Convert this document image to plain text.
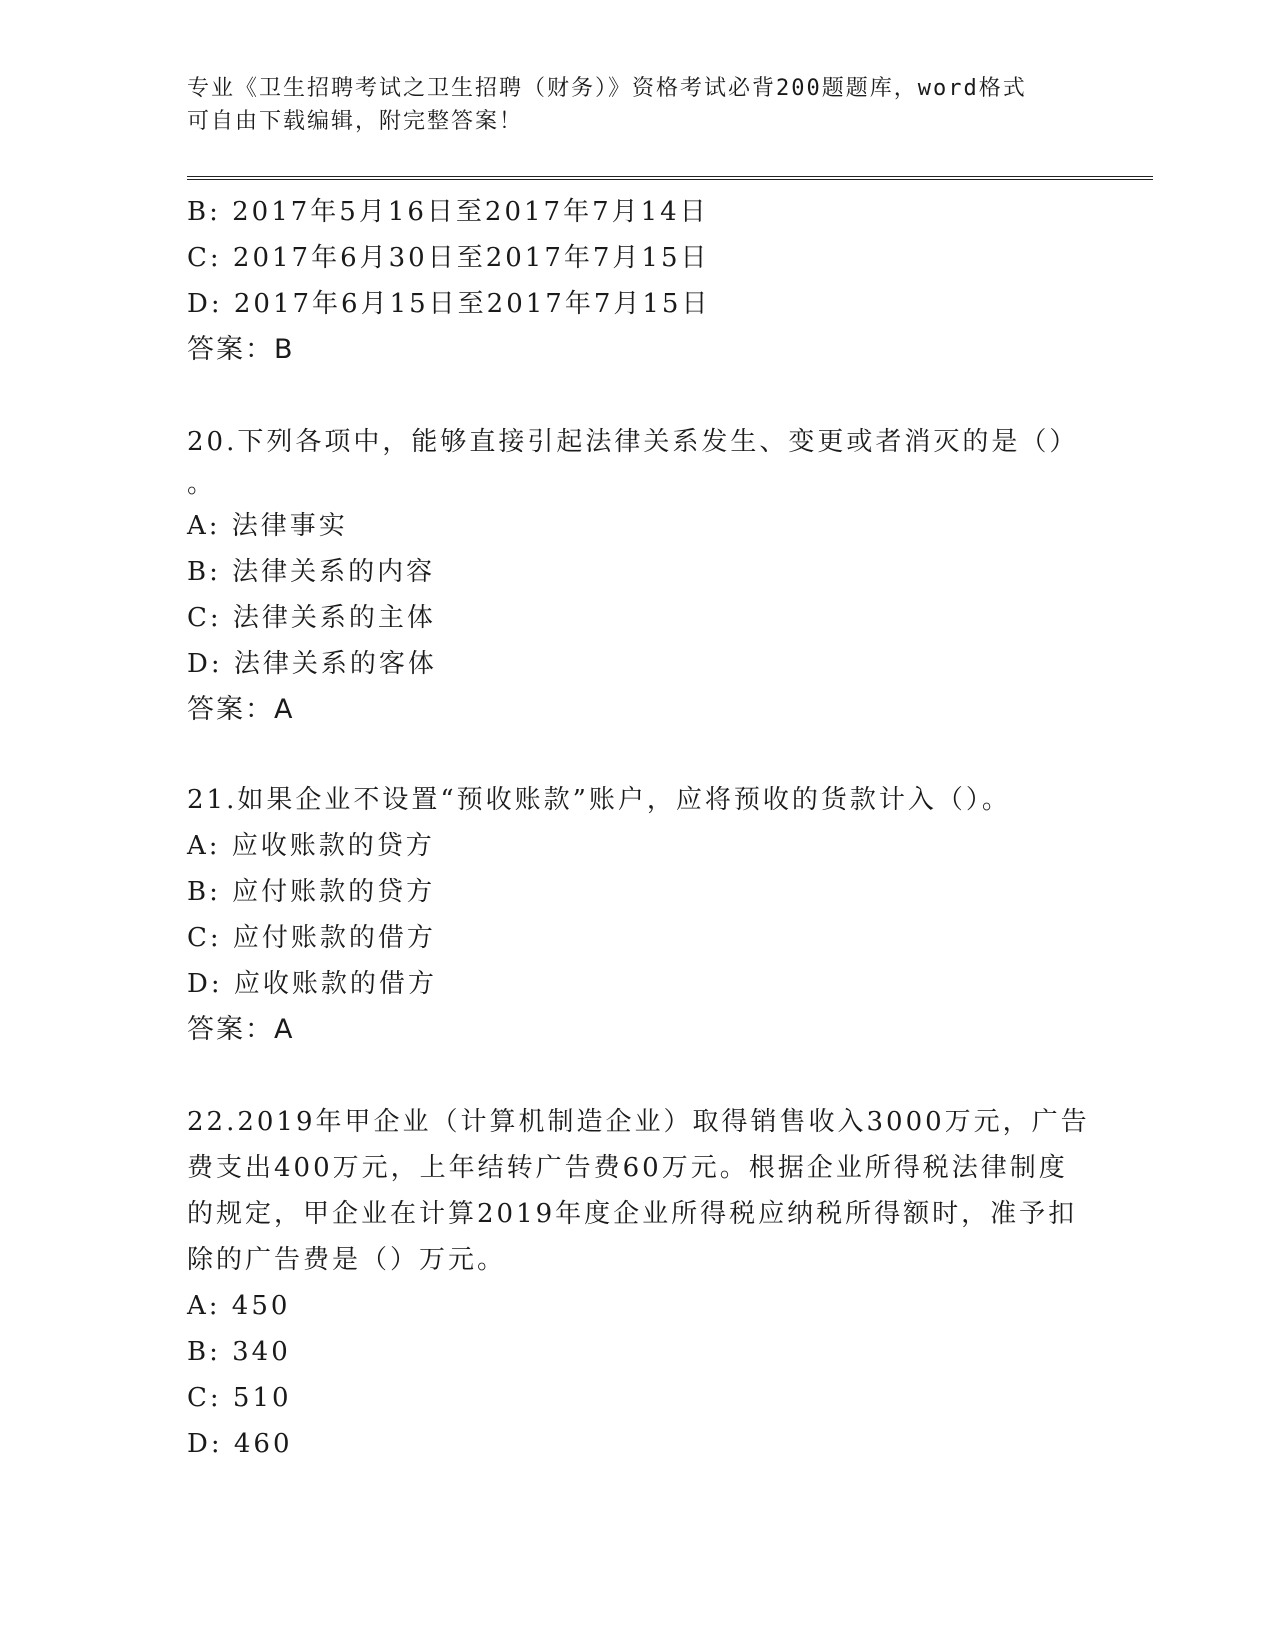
专业《卫生招聘考试之卫生招聘（财务）》资格考试必背200题题库，word格式
可自由下载编辑，附完整答案！
B: 2017年5月16日至2017年7月14日
C: 2017年6月30日至2017年7月15日
D: 2017年6月15日至2017年7月15日
答案：B
20.下列各项中，能够直接引起法律关系发生、变更或者消灭的是（）
。
A: 法律事实
B: 法律关系的内容
C: 法律关系的主体
D: 法律关系的客体
答案：A
21.如果企业不设置“预收账款”账户，应将预收的货款计入（）。
A: 应收账款的贷方
B: 应付账款的贷方
C: 应付账款的借方
D: 应收账款的借方
答案：A
22.2019年甲企业（计算机制造企业）取得销售收入3000万元，广告
费支出400万元，上年结转广告费60万元。根据企业所得税法律制度
的规定，甲企业在计算2019年度企业所得税应纳税所得额时，准予扣
除的广告费是（）万元。
A: 450
B: 340
C: 510
D: 460
